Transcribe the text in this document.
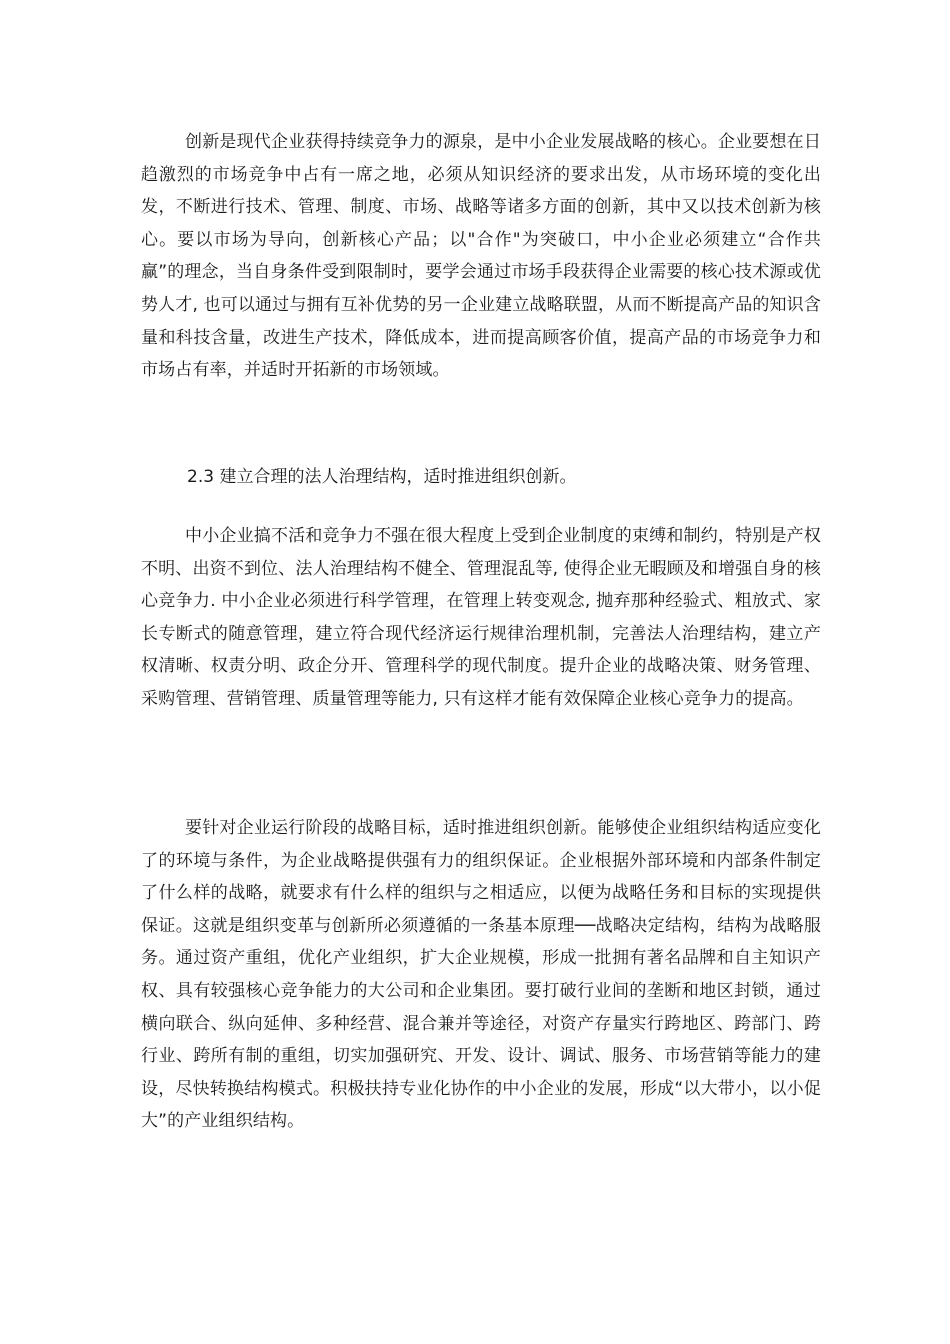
创新是现代企业获得持续竞争力的源泉，是中小企业发展战略的核心。企业要想在日趋激烈的市场竞争中占有一席之地，必须从知识经济的要求出发，从市场环境的变化出发，不断进行技术、管理、制度、市场、战略等诸多方面的创新，其中又以技术创新为核心。要以市场为导向，创新核心产品；以"合作"为突破口，中小企业必须建立“合作共赢”的理念，当自身条件受到限制时，要学会通过市场手段获得企业需要的核心技术源或优势人才, 也可以通过与拥有互补优势的另一企业建立战略联盟，从而不断提高产品的知识含量和科技含量，改进生产技术，降低成本，进而提高顾客价值，提高产品的市场竞争力和市场占有率，并适时开拓新的市场领域。

2.3 建立合理的法人治理结构，适时推进组织创新。

中小企业搞不活和竞争力不强在很大程度上受到企业制度的束缚和制约，特别是产权不明、出资不到位、法人治理结构不健全、管理混乱等, 使得企业无暇顾及和增强自身的核心竞争力. 中小企业必须进行科学管理，在管理上转变观念, 抛弃那种经验式、粗放式、家长专断式的随意管理，建立符合现代经济运行规律治理机制，完善法人治理结构，建立产权清晰、权责分明、政企分开、管理科学的现代制度。提升企业的战略决策、财务管理、采购管理、营销管理、质量管理等能力, 只有这样才能有效保障企业核心竞争力的提高。

要针对企业运行阶段的战略目标，适时推进组织创新。能够使企业组织结构适应变化了的环境与条件，为企业战略提供强有力的组织保证。企业根据外部环境和内部条件制定了什么样的战略，就要求有什么样的组织与之相适应，以便为战略任务和目标的实现提供保证。这就是组织变革与创新所必须遵循的一条基本原理──战略决定结构，结构为战略服务。通过资产重组，优化产业组织，扩大企业规模，形成一批拥有著名品牌和自主知识产权、具有较强核心竞争能力的大公司和企业集团。要打破行业间的垄断和地区封锁，通过横向联合、纵向延伸、多种经营、混合兼并等途径，对资产存量实行跨地区、跨部门、跨行业、跨所有制的重组，切实加强研究、开发、设计、调试、服务、市场营销等能力的建设，尽快转换结构模式。积极扶持专业化协作的中小企业的发展，形成“以大带小，以小促大”的产业组织结构。
